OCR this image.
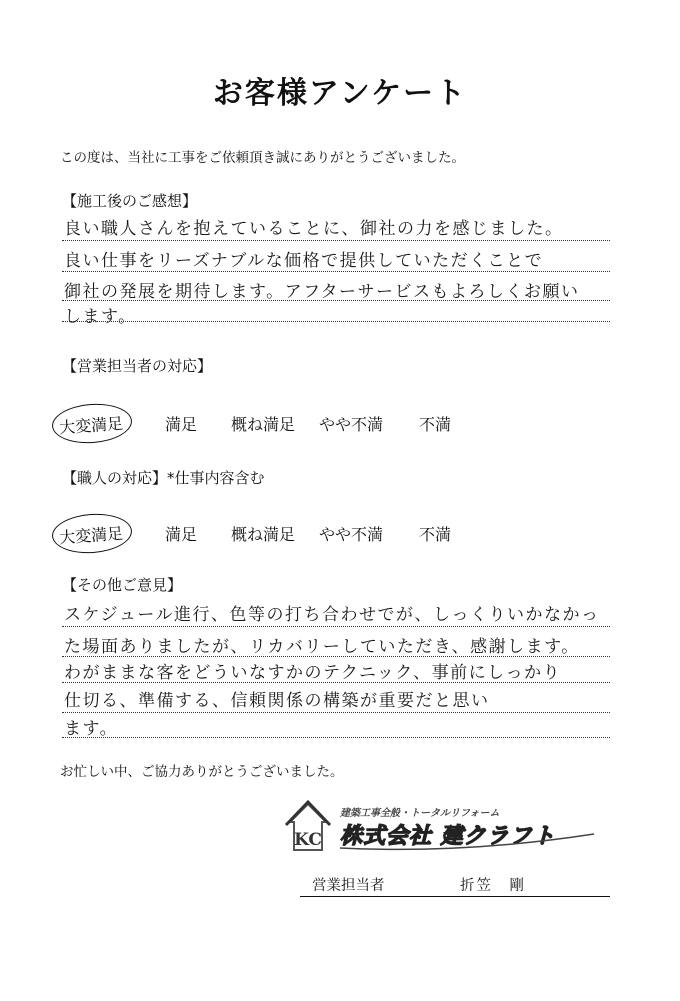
お客様アンケート
この度は、当社に工事をご依頼頂き誠にありがとうございました。
【施工後のご感想】
良い職人さんを抱えていることに、御社の力を感じました。
良い仕事をリーズナブルな価格で提供していただくことで
御社の発展を期待します。アフターサービスもよろしくお願い
します。
【営業担当者の対応】
大変満足	満足 概ね満足 やや不満 不満
【職人の対応】*仕事内容含む
大変満足	満足 概ね満足 やや不満 不満
【その他ご意見】
スケジュール進行、色等の打ち合わせでが、しっくりいかなかっ
た場面ありましたが、リカバリーしていただき、感謝します。
わがままな客をどういなすかのテクニック、事前にしっかり
仕切る、準備する、信頼関係の構築が重要だと思い
ます。
お忙しい中、ご協力ありがとうございました。
KC
建築工事全般・トータルリフォーム
株式会社 建クラフト
営業担当者	折笠　剛
